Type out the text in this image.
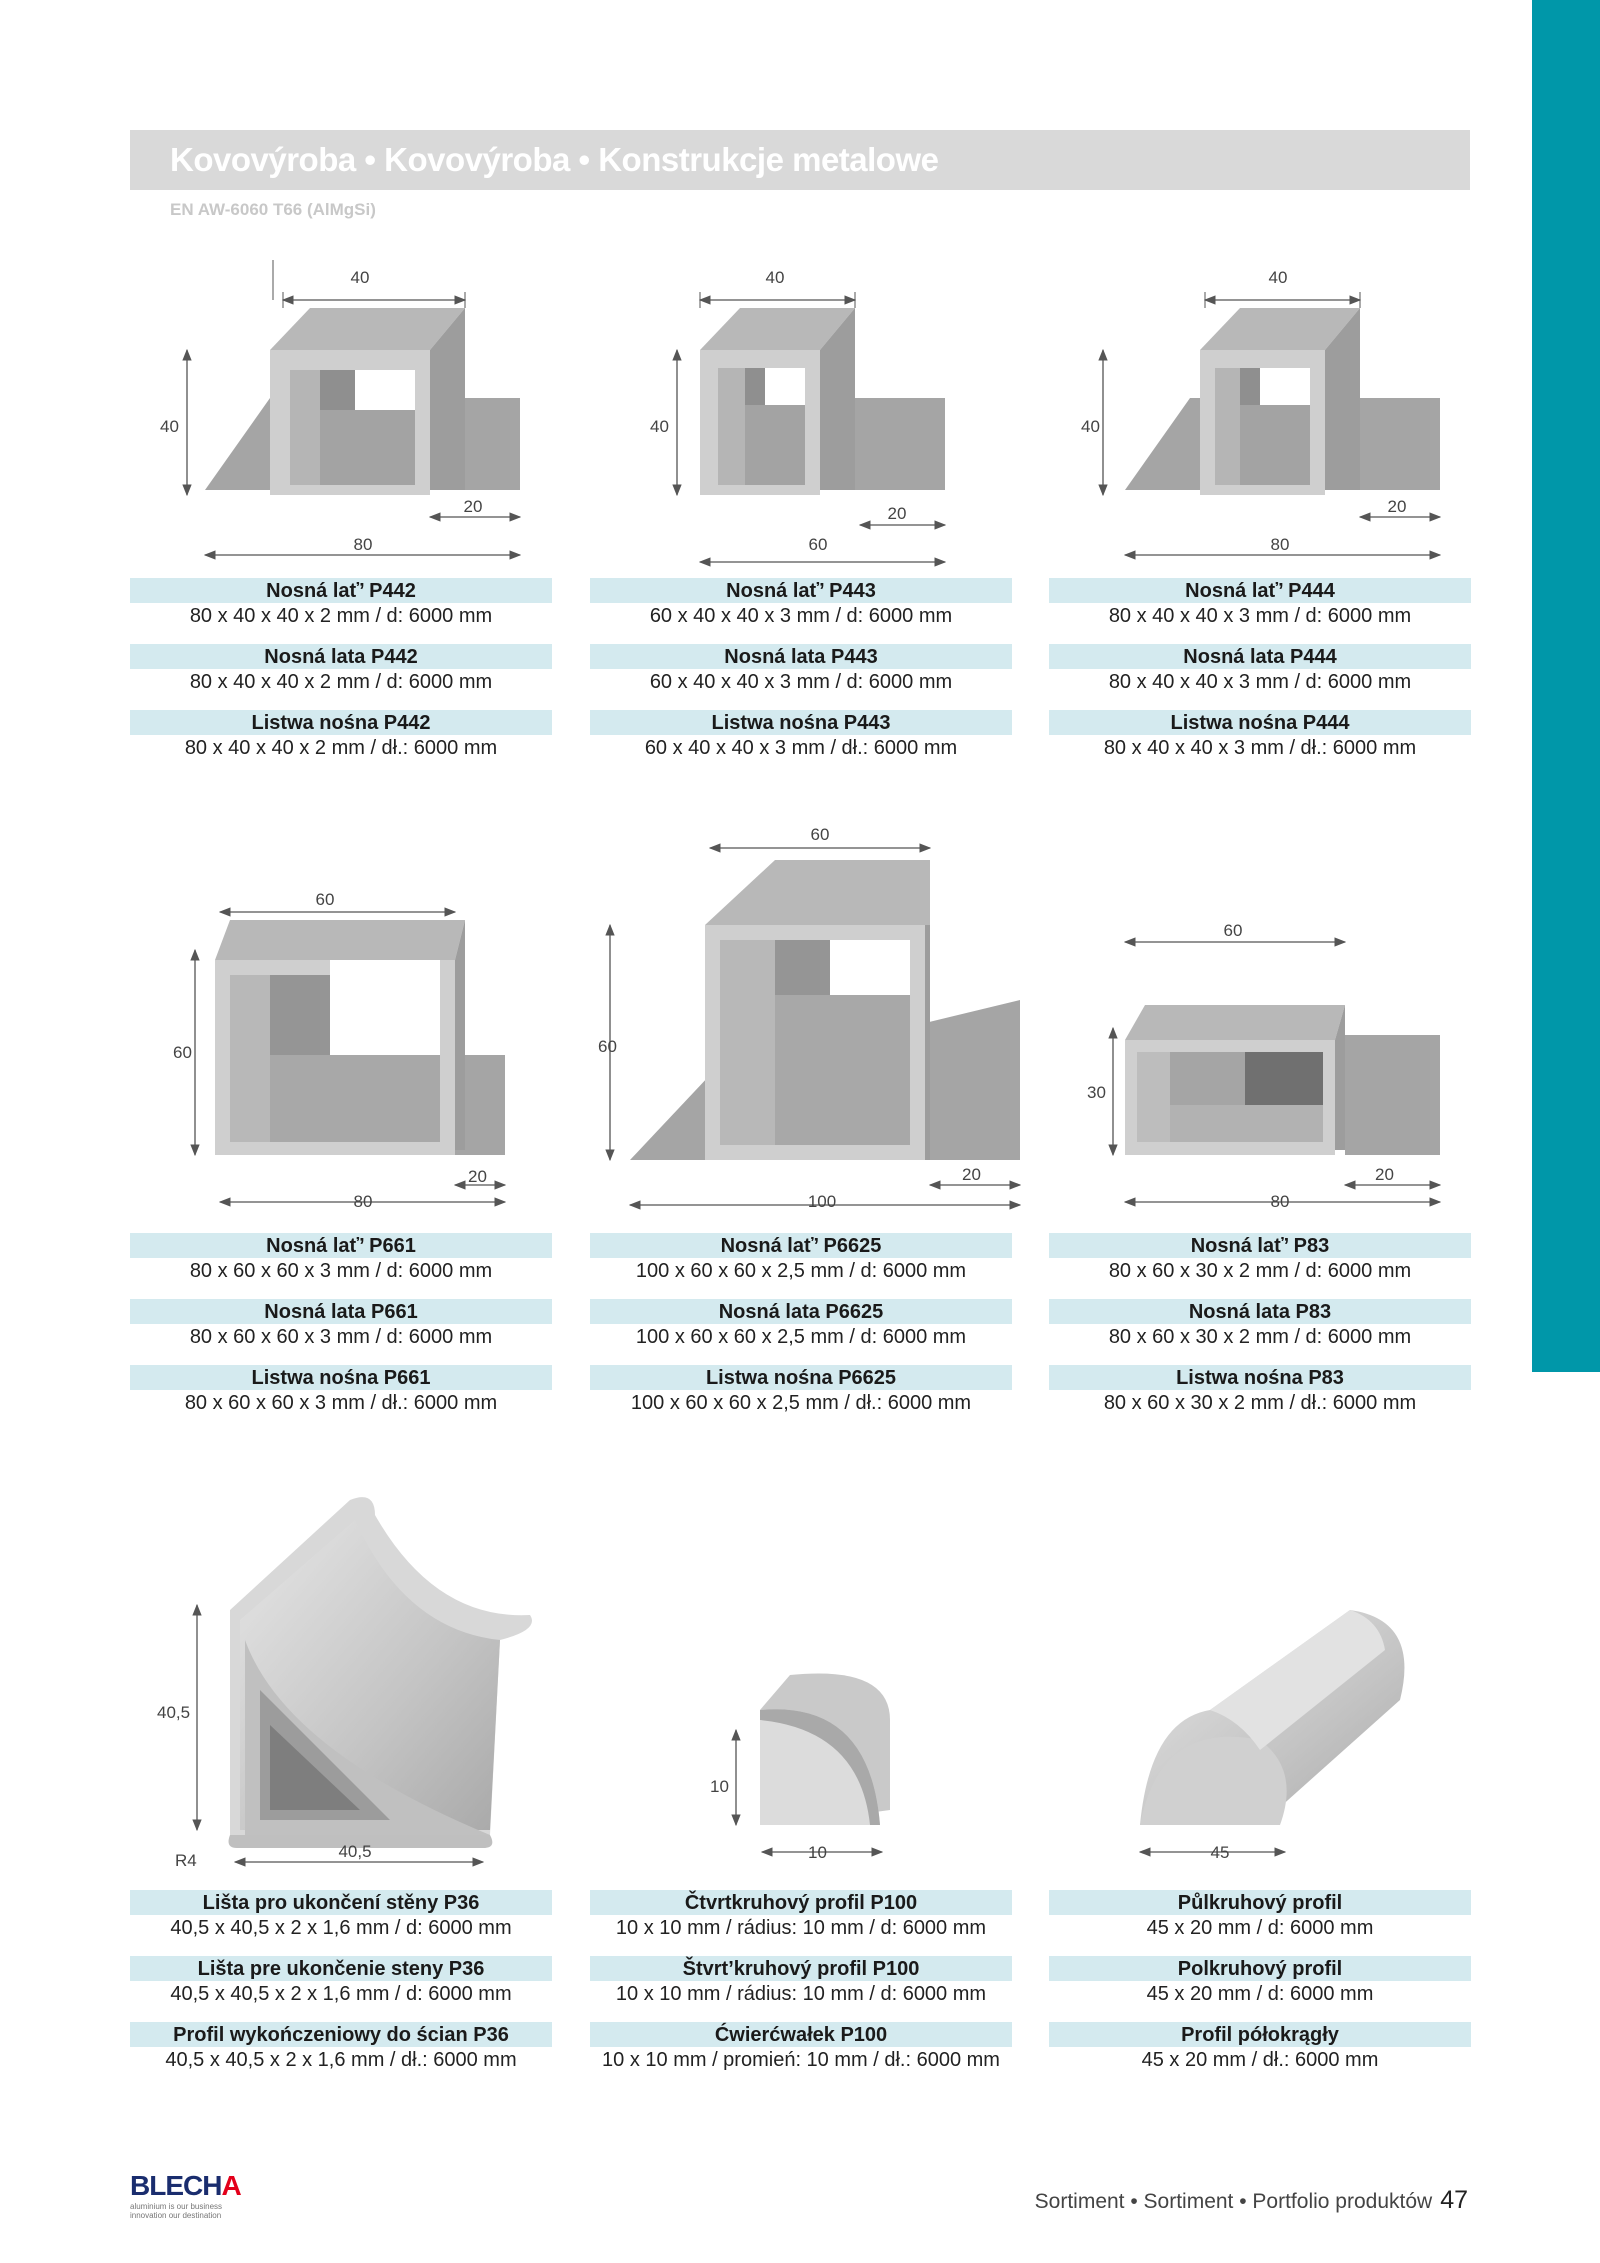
Kovovýroba • Kovovýroba • Konstrukcje metalowe
EN AW-6060 T66 (AlMgSi)
40
40
20
80
40
40
20
60
40
40
20
80
Nosná lať’ P442
80 x 40 x 40 x 2 mm / d: 6000 mm
Nosná lata P442
80 x 40 x 40 x 2 mm / d: 6000 mm
Listwa nośna P442
80 x 40 x 40 x 2 mm / dł.: 6000 mm
Nosná lať’ P443
60 x 40 x 40 x 3 mm / d: 6000 mm
Nosná lata P443
60 x 40 x 40 x 3 mm / d: 6000 mm
Listwa nośna P443
60 x 40 x 40 x 3 mm / dł.: 6000 mm
Nosná lať’ P444
80 x 40 x 40 x 3 mm / d: 6000 mm
Nosná lata P444
80 x 40 x 40 x 3 mm / d: 6000 mm
Listwa nośna P444
80 x 40 x 40 x 3 mm / dł.: 6000 mm
60
60
20
80
60
60
20
100
60
30
20
80
Nosná lať’ P661
80 x 60 x 60 x 3 mm / d: 6000 mm
Nosná lata P661
80 x 60 x 60 x 3 mm / d: 6000 mm
Listwa nośna P661
80 x 60 x 60 x 3 mm / dł.: 6000 mm
Nosná lať’ P6625
100 x 60 x 60 x 2,5 mm / d: 6000 mm
Nosná lata P6625
100 x 60 x 60 x 2,5 mm / d: 6000 mm
Listwa nośna P6625
100 x 60 x 60 x 2,5 mm / dł.: 6000 mm
Nosná lať’ P83
80 x 60 x 30 x 2 mm / d: 6000 mm
Nosná lata P83
80 x 60 x 30 x 2 mm / d: 6000 mm
Listwa nośna P83
80 x 60 x 30 x 2 mm / dł.: 6000 mm
40,5
40,5
R4
10
10	45
Lišta pro ukončení stěny P36
40,5 x 40,5 x 2 x 1,6 mm / d: 6000 mm
Lišta pre ukončenie steny P36
40,5 x 40,5 x 2 x 1,6 mm / d: 6000 mm
Profil wykończeniowy do ścian P36
40,5 x 40,5 x 2 x 1,6 mm / dł.: 6000 mm
Čtvrtkruhový profil P100
10 x 10 mm / rádius: 10 mm / d: 6000 mm
Štvrt’kruhový profil P100
10 x 10 mm / rádius: 10 mm / d: 6000 mm
Ćwierćwałek P100
10 x 10 mm / promień: 10 mm / dł.: 6000 mm
Půlkruhový profil
45 x 20 mm / d: 6000 mm
Polkruhový profil
45 x 20 mm / d: 6000 mm
Profil półokrągły
45 x 20 mm / dł.: 6000 mm
BLECHA
aluminium is our business
innovation our destination
Sortiment • Sortiment • Portfolio produktów 47
